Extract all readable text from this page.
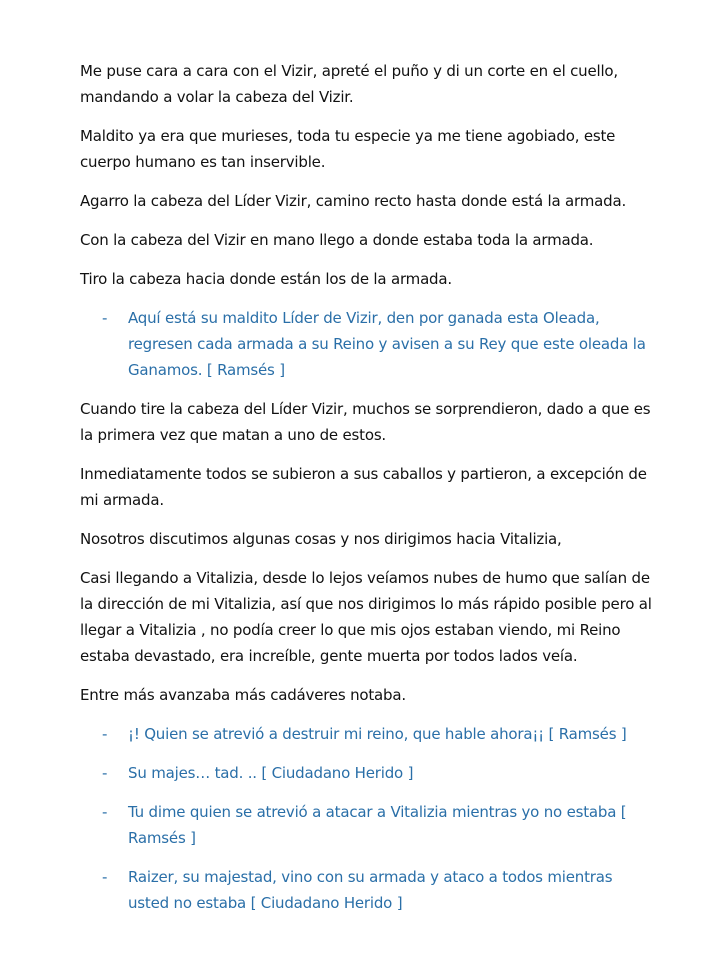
Me puse cara a cara con el Vizir, apreté el puño y di un corte en el cuello, mandando a volar la cabeza del Vizir.

Maldito ya era que murieses, toda tu especie ya me tiene agobiado, este cuerpo humano es tan inservible.

Agarro la cabeza del Líder Vizir, camino recto hasta donde está la armada.

Con la cabeza del Vizir en mano llego a donde estaba toda la armada.

Tiro la cabeza hacia donde están los de la armada.

- Aquí está su maldito Líder de Vizir, den por ganada esta Oleada, regresen cada armada a su Reino y avisen a su Rey que este oleada la Ganamos. [ Ramsés ]

Cuando tire la cabeza del Líder Vizir, muchos se sorprendieron, dado a que es la primera vez que matan a uno de estos.

Inmediatamente todos se subieron a sus caballos y partieron, a excepción de mi armada.

Nosotros discutimos algunas cosas y nos dirigimos hacia Vitalizia,

Casi llegando a Vitalizia, desde lo lejos veíamos nubes de humo que salían de la dirección de mi Vitalizia, así que nos dirigimos lo más rápido posible pero al llegar a Vitalizia , no podía creer lo que mis ojos estaban viendo, mi Reino estaba devastado, era increíble, gente muerta por todos lados veía.

Entre más avanzaba más cadáveres notaba.

- ¡! Quien se atrevió a destruir mi reino, que hable ahora¡¡ [ Ramsés ]
- Su majes… tad. .. [ Ciudadano Herido ]
- Tu dime quien se atrevió a atacar a Vitalizia mientras yo no estaba [ Ramsés ]
- Raizer, su majestad, vino con su armada y ataco a todos mientras usted no estaba [ Ciudadano Herido ]
